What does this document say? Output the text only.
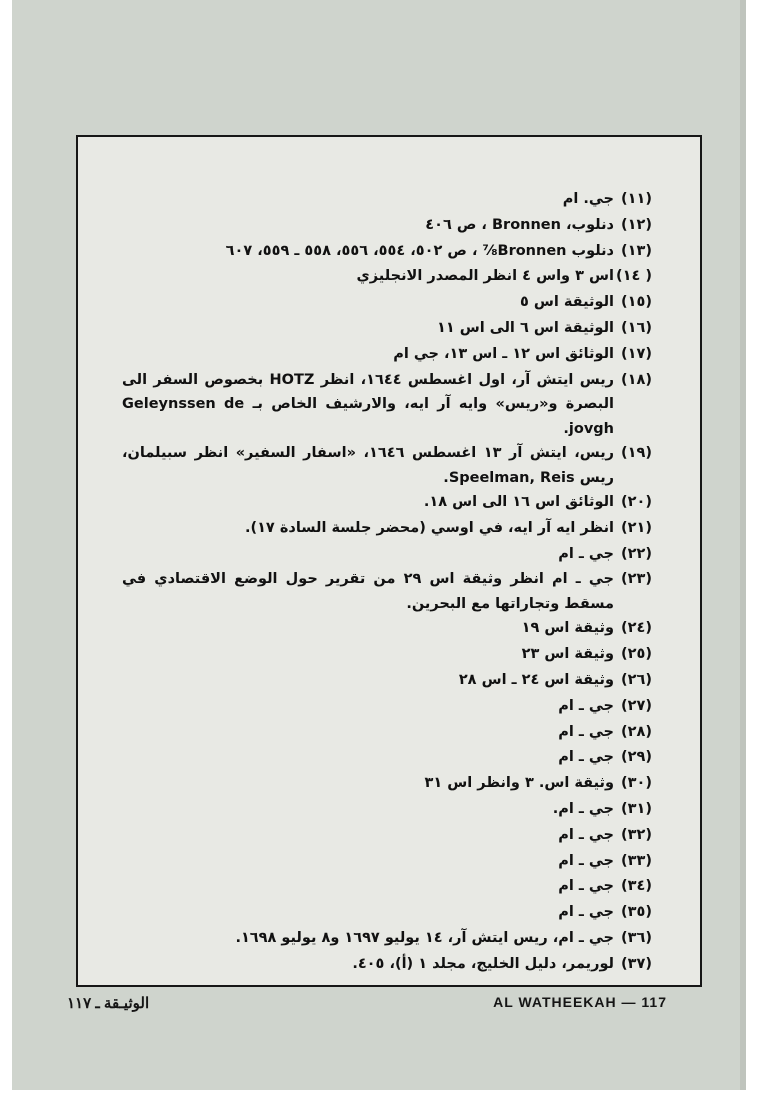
(١١)
جي. ام
(١٢)
دنلوب، Bronnen ، ص ٤٠٦
(١٣)
دنلوب Bronnen⅞ ، ص ٥٠٢، ٥٥٤، ٥٥٦، ٥٥٨ ـ ٥٥٩، ٦٠٧
( ١٤)
اس ٣ واس ٤ انظر المصدر الانجليزي
(١٥)
الوثيقة اس ٥
(١٦)
الوثيقة اس ٦ الى اس ١١
(١٧)
الوثائق اس ١٢ ـ اس ١٣، جي ام
(١٨)
ريس ايتش آر، اول اغسطس ١٦٤٤، انظر HOTZ بخصوص السفر الى البصرة و«ريس» وايه آر ايه، والارشيف الخاص بـ Geleynssen de jovgh.
(١٩)
ريس، ايتش آر ١٣ اغسطس ١٦٤٦، «اسفار السفير» انظر سبيلمان، ريس Speelman, Reis.
(٢٠)
الوثائق اس ١٦ الى اس ١٨.
(٢١)
انظر ايه آر ايه، في اوسي (محضر جلسة السادة ١٧).
(٢٢)
جي ـ ام
(٢٣)
جي ـ ام انظر وثيقة اس ٢٩ من تقرير حول الوضع الاقتصادي في مسقط وتجاراتها مع البحرين.
(٢٤)
وثيقة اس ١٩
(٢٥)
وثيقة اس ٢٣
(٢٦)
وثيقة اس ٢٤ ـ اس ٢٨
(٢٧)
جي ـ ام
(٢٨)
جي ـ ام
(٢٩)
جي ـ ام
(٣٠)
وثيقة اس. ٣ وانظر اس ٣١
(٣١)
جي ـ ام.
(٣٢)
جي ـ ام
(٣٣)
جي ـ ام
(٣٤)
جي ـ ام
(٣٥)
جي ـ ام
(٣٦)
جي ـ ام، ريس ايتش آر، ١٤ يوليو ١٦٩٧ و٨ يوليو ١٦٩٨.
(٣٧)
لوريمر، دليل الخليج، مجلد ١ (أ)، ٤٠٥.
AL WATHEEKAH — 117
الوثيـقة ـ ١١٧
